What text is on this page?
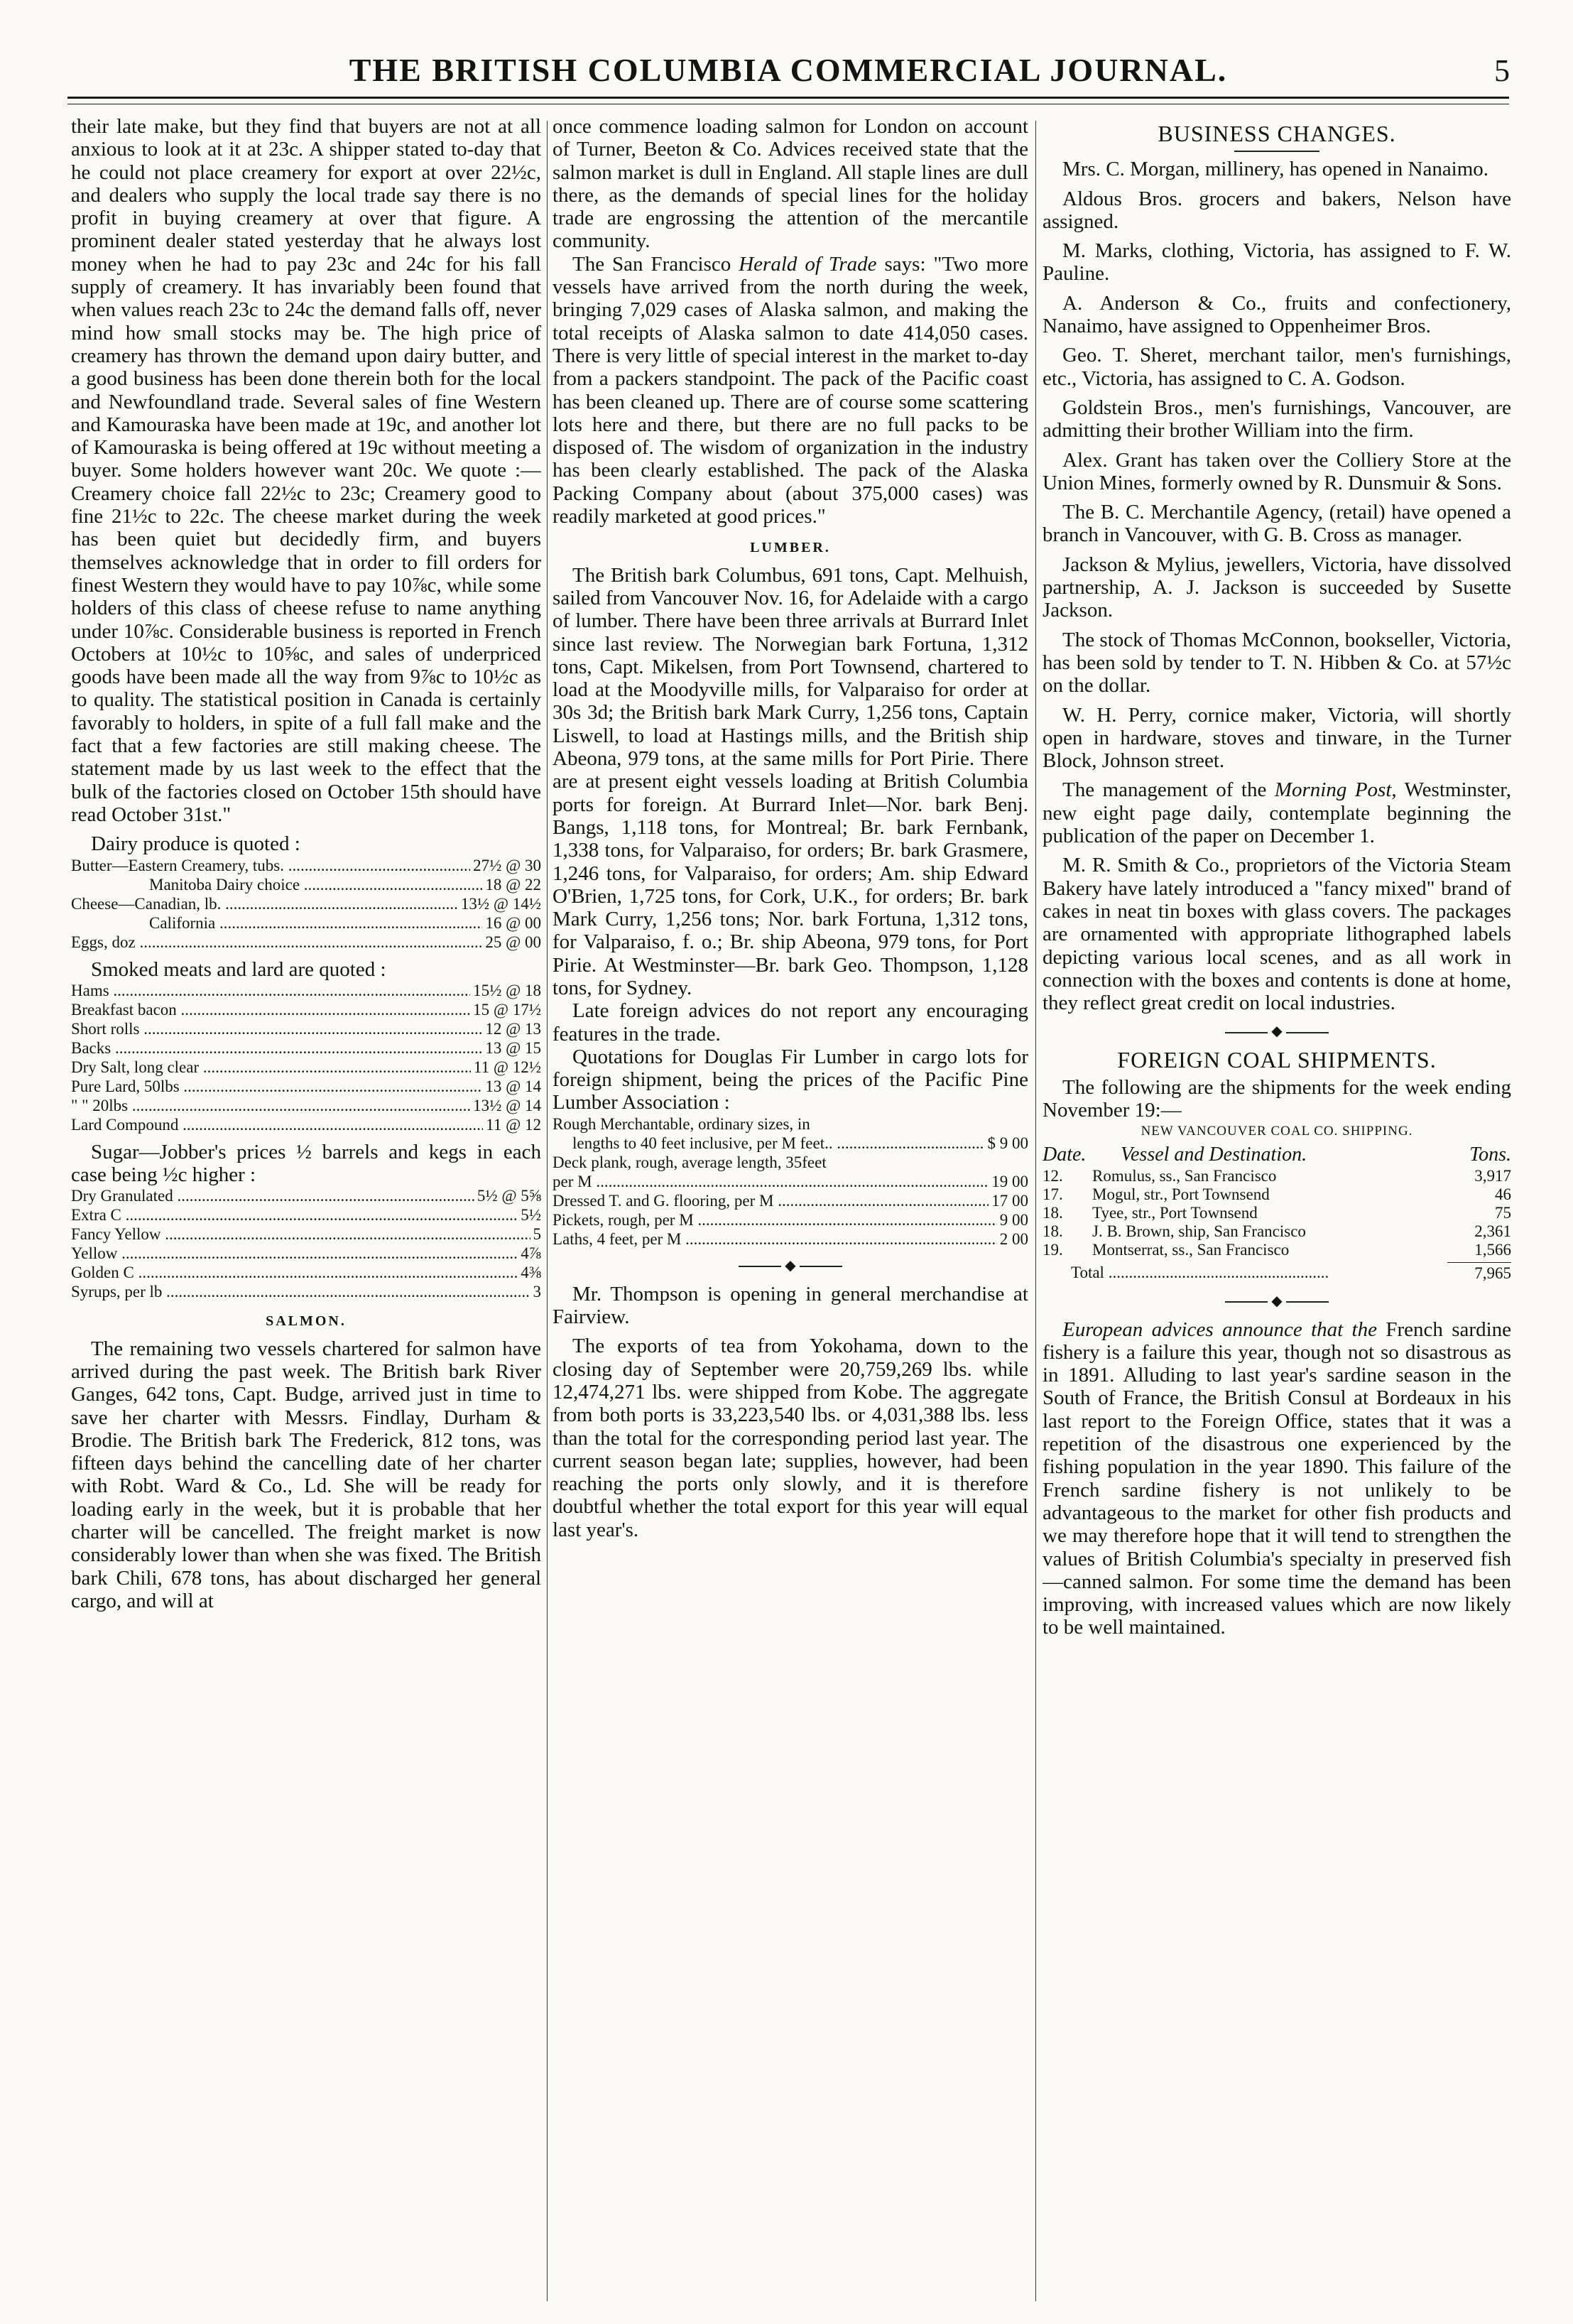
THE BRITISH COLUMBIA COMMERCIAL JOURNAL.	5

their late make, but they find that buyers are not at all anxious to look at it at 23c. A shipper stated to-day that he could not place creamery for export at over 22½c, and dealers who supply the local trade say there is no profit in buying creamery at over that figure. A prominent dealer stated yesterday that he always lost money when he had to pay 23c and 24c for his fall supply of creamery. It has invariably been found that when values reach 23c to 24c the demand falls off, never mind how small stocks may be. The high price of creamery has thrown the demand upon dairy butter, and a good business has been done therein both for the local and Newfoundland trade. Several sales of fine Western and Kamouraska have been made at 19c, and another lot of Kamouraska is being offered at 19c without meeting a buyer. Some holders however want 20c. We quote :—Creamery choice fall 22½c to 23c; Creamery good to fine 21½c to 22c. The cheese market during the week has been quiet but decidedly firm, and buyers themselves acknowledge that in order to fill orders for finest Western they would have to pay 10⅞c, while some holders of this class of cheese refuse to name anything under 10⅞c. Considerable business is reported in French Octobers at 10½c to 10⅝c, and sales of underpriced goods have been made all the way from 9⅞c to 10½c as to quality. The statistical position in Canada is certainly favorably to holders, in spite of a full fall make and the fact that a few factories are still making cheese. The statement made by us last week to the effect that the bulk of the factories closed on October 15th should have read October 31st."

Dairy produce is quoted :

Butter—Eastern Creamery, tubs. .....	27½ @ 30
Manitoba Dairy choice .....	18 @ 22
Cheese—Canadian, lb. .....	13½ @ 14½
California .....	16 @ 00
Eggs, doz .....	25 @ 00

Smoked meats and lard are quoted :

Hams .....	15½ @ 18
Breakfast bacon .....	15 @ 17½
Short rolls .....	12 @ 13
Backs .....	13 @ 15
Dry Salt, long clear .....	11 @ 12½
Pure Lard, 50lbs .....	13 @ 14
" " 20lbs .....	13½ @ 14
Lard Compound .....	11 @ 12

Sugar—Jobber's prices ½ barrels and kegs in each case being ½c higher :

Dry Granulated .....	5½ @ 5⅝
Extra C .....	5½
Fancy Yellow .....	5
Yellow .....	4⅞
Golden C .....	4⅜
Syrups, per lb .....	3
SALMON.

The remaining two vessels chartered for salmon have arrived during the past week. The British bark River Ganges, 642 tons, Capt. Budge, arrived just in time to save her charter with Messrs. Findlay, Durham & Brodie. The British bark The Frederick, 812 tons, was fifteen days behind the cancelling date of her charter with Robt. Ward & Co., Ld. She will be ready for loading early in the week, but it is probable that her charter will be cancelled. The freight market is now considerably lower than when she was fixed. The British bark Chili, 678 tons, has about discharged her general cargo, and will at

once commence loading salmon for London on account of Turner, Beeton & Co. Advices received state that the salmon market is dull in England. All staple lines are dull there, as the demands of special lines for the holiday trade are engrossing the attention of the mercantile community.

The San Francisco Herald of Trade says: "Two more vessels have arrived from the north during the week, bringing 7,029 cases of Alaska salmon, and making the total receipts of Alaska salmon to date 414,050 cases. There is very little of special interest in the market to-day from a packers standpoint. The pack of the Pacific coast has been cleaned up. There are of course some scattering lots here and there, but there are no full packs to be disposed of. The wisdom of organization in the industry has been clearly established. The pack of the Alaska Packing Company about (about 375,000 cases) was readily marketed at good prices."

LUMBER.

The British bark Columbus, 691 tons, Capt. Melhuish, sailed from Vancouver Nov. 16, for Adelaide with a cargo of lumber. There have been three arrivals at Burrard Inlet since last review. The Norwegian bark Fortuna, 1,312 tons, Capt. Mikelsen, from Port Townsend, chartered to load at the Moodyville mills, for Valparaiso for order at 30s 3d; the British bark Mark Curry, 1,256 tons, Captain Liswell, to load at Hastings mills, and the British ship Abeona, 979 tons, at the same mills for Port Pirie. There are at present eight vessels loading at British Columbia ports for foreign. At Burrard Inlet—Nor. bark Benj. Bangs, 1,118 tons, for Montreal; Br. bark Fernbank, 1,338 tons, for Valparaiso, for orders; Br. bark Grasmere, 1,246 tons, for Valparaiso, for orders; Am. ship Edward O'Brien, 1,725 tons, for Cork, U.K., for orders; Br. bark Mark Curry, 1,256 tons; Nor. bark Fortuna, 1,312 tons, for Valparaiso, f. o.; Br. ship Abeona, 979 tons, for Port Pirie. At Westminster—Br. bark Geo. Thompson, 1,128 tons, for Sydney.

Late foreign advices do not report any encouraging features in the trade.

Quotations for Douglas Fir Lumber in cargo lots for foreign shipment, being the prices of the Pacific Pine Lumber Association :

Rough Merchantable, ordinary sizes, in
lengths to 40 feet inclusive, per M feet.. .....	$ 9 00
Deck plank, rough, average length, 35feet
per M .....	19 00
Dressed T. and G. flooring, per M .....	17 00
Pickets, rough, per M .....	9 00
Laths, 4 feet, per M .....	2 00
◆

Mr. Thompson is opening in general merchandise at Fairview.

The exports of tea from Yokohama, down to the closing day of September were 20,759,269 lbs. while 12,474,271 lbs. were shipped from Kobe. The aggregate from both ports is 33,223,540 lbs. or 4,031,388 lbs. less than the total for the corresponding period last year. The current season began late; supplies, however, had been reaching the ports only slowly, and it is therefore doubtful whether the total export for this year will equal last year's.

BUSINESS CHANGES.

Mrs. C. Morgan, millinery, has opened in Nanaimo.

Aldous Bros. grocers and bakers, Nelson have assigned.

M. Marks, clothing, Victoria, has assigned to F. W. Pauline.

A. Anderson & Co., fruits and confectionery, Nanaimo, have assigned to Oppenheimer Bros.

Geo. T. Sheret, merchant tailor, men's furnishings, etc., Victoria, has assigned to C. A. Godson.

Goldstein Bros., men's furnishings, Vancouver, are admitting their brother William into the firm.

Alex. Grant has taken over the Colliery Store at the Union Mines, formerly owned by R. Dunsmuir & Sons.

The B. C. Merchantile Agency, (retail) have opened a branch in Vancouver, with G. B. Cross as manager.

Jackson & Mylius, jewellers, Victoria, have dissolved partnership, A. J. Jackson is succeeded by Susette Jackson.

The stock of Thomas McConnon, bookseller, Victoria, has been sold by tender to T. N. Hibben & Co. at 57½c on the dollar.

W. H. Perry, cornice maker, Victoria, will shortly open in hardware, stoves and tinware, in the Turner Block, Johnson street.

The management of the Morning Post, Westminster, new eight page daily, contemplate beginning the publication of the paper on December 1.

M. R. Smith & Co., proprietors of the Victoria Steam Bakery have lately introduced a "fancy mixed" brand of cakes in neat tin boxes with glass covers. The packages are ornamented with appropriate lithographed labels depicting various local scenes, and as all work in connection with the boxes and contents is done at home, they reflect great credit on local industries.

◆
FOREIGN COAL SHIPMENTS.

The following are the shipments for the week ending November 19:—

NEW VANCOUVER COAL CO. SHIPPING.
Date.	Vessel and Destination.	Tons.
12.	Romulus, ss., San Francisco	3,917
17.	Mogul, str., Port Townsend	46
18.	Tyee, str., Port Townsend	75
18.	J. B. Brown, ship, San Francisco	2,361
19.	Montserrat, ss., San Francisco	1,566
Total .....	7,965
◆

European advices announce that the French sardine fishery is a failure this year, though not so disastrous as in 1891. Alluding to last year's sardine season in the South of France, the British Consul at Bordeaux in his last report to the Foreign Office, states that it was a repetition of the disastrous one experienced by the fishing population in the year 1890. This failure of the French sardine fishery is not unlikely to be advantageous to the market for other fish products and we may therefore hope that it will tend to strengthen the values of British Columbia's specialty in preserved fish—canned salmon. For some time the demand has been improving, with increased values which are now likely to be well maintained.
